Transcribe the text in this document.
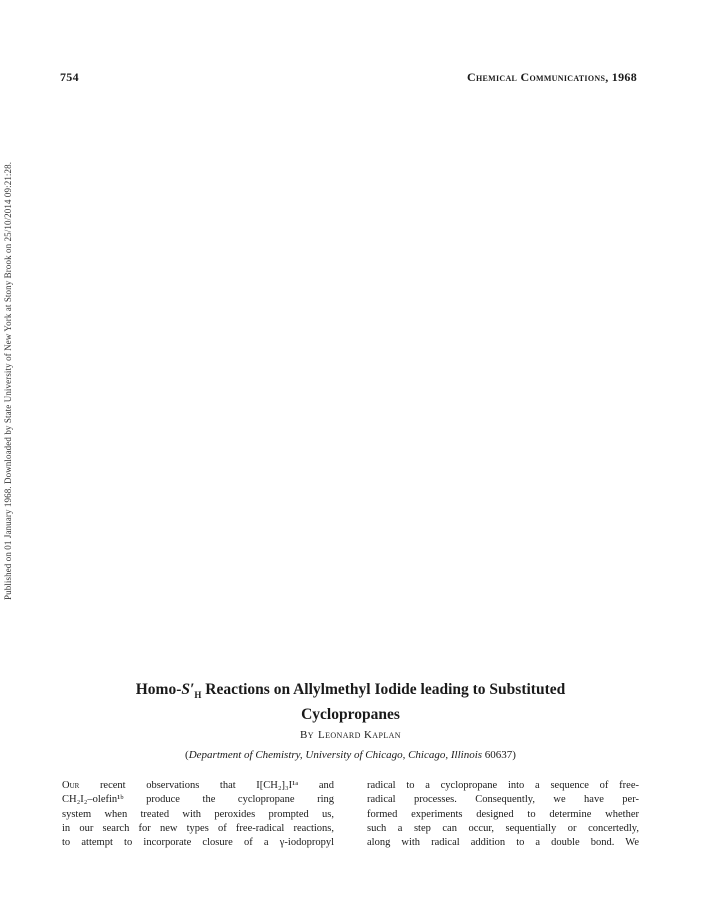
Published on 01 January 1968. Downloaded by State University of New York at Stony Brook on 25/10/2014 09:21:28.
754	Chemical Communications, 1968
Homo-$S'_H$ Reactions on Allylmethyl Iodide leading to Substituted
Cyclopropanes
By Leonard Kaplan
(Department of Chemistry, University of Chicago, Chicago, Illinois 60637)
Our recent observations that I[CH₂]₃I¹ᵃ and
CH₂I₂–olefin¹ᵇ produce the cyclopropane ring
system when treated with peroxides prompted us,
in our search for new types of free-radical reactions,
to attempt to incorporate closure of a γ-iodopropyl
radical to a cyclopropane into a sequence of free-
radical processes. Consequently, we have per-
formed experiments designed to determine whether
such a step can occur, sequentially or concertedly,
along with radical addition to a double bond. We
